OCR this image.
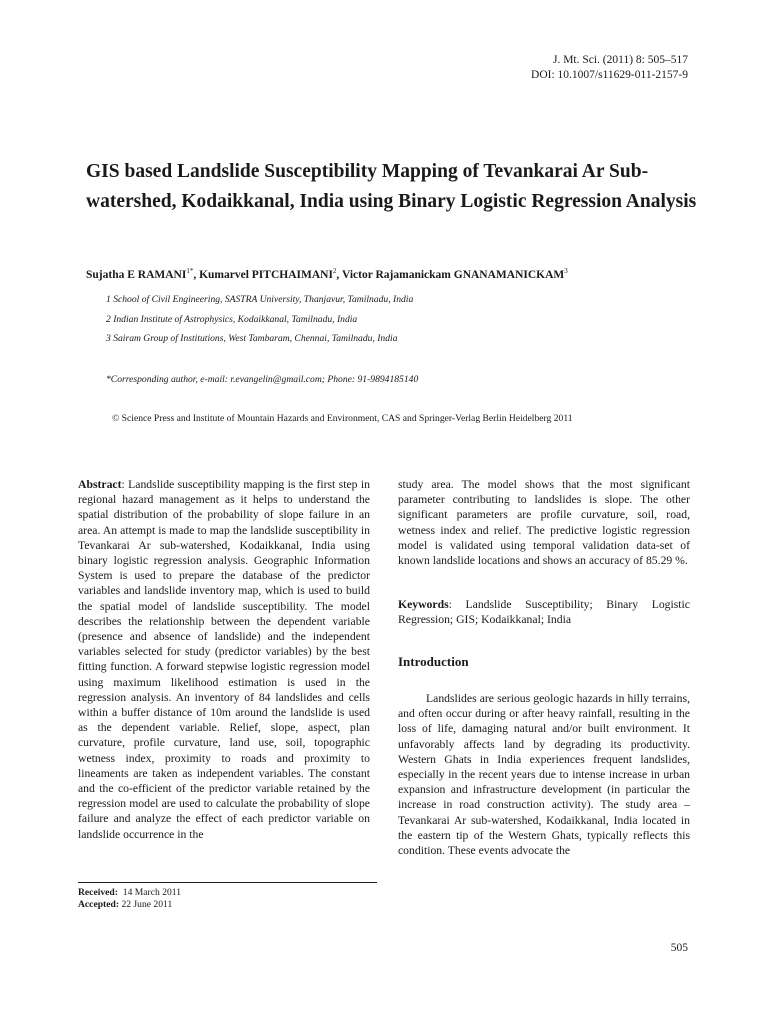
J. Mt. Sci. (2011) 8: 505–517
DOI: 10.1007/s11629-011-2157-9
GIS based Landslide Susceptibility Mapping of Tevankarai Ar Sub-watershed, Kodaikkanal, India using Binary Logistic Regression Analysis
Sujatha E $RAMANI^{1*}$, Kumarvel PITCHAIMANI$^2$, Victor Rajamanickam GNANAMANICKAM$^3$
1 School of Civil Engineering, SASTRA University, Thanjavur, Tamilnadu, India
2 Indian Institute of Astrophysics, Kodaikkanal, Tamilnadu, India
3 Sairam Group of Institutions, West Tambaram, Chennai, Tamilnadu, India
*Corresponding author, e-mail: r.evangelin@gmail.com; Phone: 91-9894185140
© Science Press and Institute of Mountain Hazards and Environment, CAS and Springer-Verlag Berlin Heidelberg 2011

Abstract: Landslide susceptibility mapping is the first step in regional hazard management as it helps to understand the spatial distribution of the probability of slope failure in an area. An attempt is made to map the landslide susceptibility in Tevankarai Ar sub-watershed, Kodaikkanal, India using binary logistic regression analysis. Geographic Information System is used to prepare the database of the predictor variables and landslide inventory map, which is used to build the spatial model of landslide susceptibility. The model describes the relationship between the dependent variable (presence and absence of landslide) and the independent variables selected for study (predictor variables) by the best fitting function. A forward stepwise logistic regression model using maximum likelihood estimation is used in the regression analysis. An inventory of 84 landslides and cells within a buffer distance of 10m around the landslide is used as the dependent variable. Relief, slope, aspect, plan curvature, profile curvature, land use, soil, topographic wetness index, proximity to roads and proximity to lineaments are taken as independent variables. The constant and the co-efficient of the predictor variable retained by the regression model are used to calculate the probability of slope failure and analyze the effect of each predictor variable on landslide occurrence in the

study area. The model shows that the most significant parameter contributing to landslides is slope. The other significant parameters are profile curvature, soil, road, wetness index and relief. The predictive logistic regression model is validated using temporal validation data-set of known landslide locations and shows an accuracy of 85.29 %.

Keywords: Landslide Susceptibility; Binary Logistic Regression; GIS; Kodaikkanal; India

Introduction

Landslides are serious geologic hazards in hilly terrains, and often occur during or after heavy rainfall, resulting in the loss of life, damaging natural and/or built environment. It unfavorably affects land by degrading its productivity. Western Ghats in India experiences frequent landslides, especially in the recent years due to intense increase in urban expansion and infrastructure development (in particular the increase in road construction activity). The study area – Tevankarai Ar sub-watershed, Kodaikkanal, India located in the eastern tip of the Western Ghats, typically reflects this condition. These events advocate the

Received: 14 March 2011
Accepted: 22 June 2011
505
